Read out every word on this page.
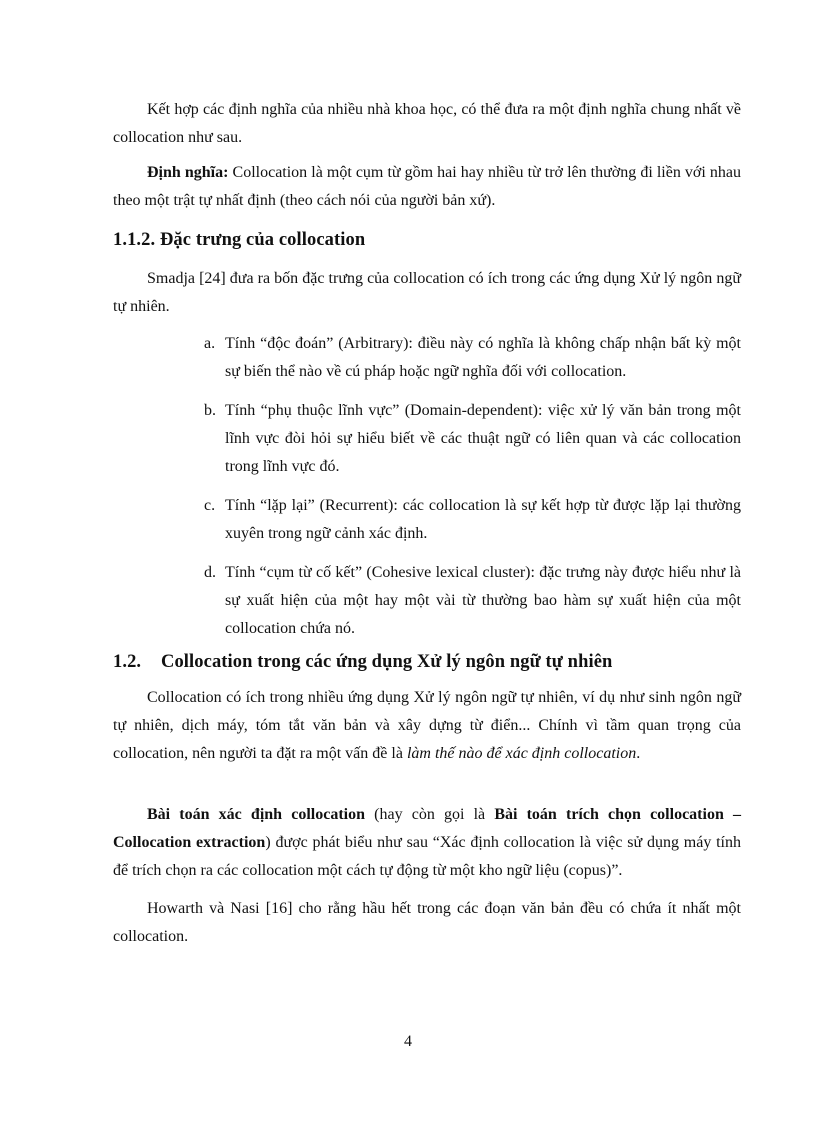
Kết hợp các định nghĩa của nhiều nhà khoa học, có thể đưa ra một định nghĩa chung nhất về collocation như sau.

Định nghĩa: Collocation là một cụm từ gồm hai hay nhiều từ trở lên thường đi liền với nhau theo một trật tự nhất định (theo cách nói của người bản xứ).

1.1.2. Đặc trưng của collocation

Smadja [24] đưa ra bốn đặc trưng của collocation có ích trong các ứng dụng Xử lý ngôn ngữ tự nhiên.

a. Tính “độc đoán” (Arbitrary): điều này có nghĩa là không chấp nhận bất kỳ một sự biến thể nào về cú pháp hoặc ngữ nghĩa đối với collocation.
b. Tính “phụ thuộc lĩnh vực” (Domain-dependent): việc xử lý văn bản trong một lĩnh vực đòi hỏi sự hiểu biết về các thuật ngữ có liên quan và các collocation trong lĩnh vực đó.
c. Tính “lặp lại” (Recurrent): các collocation là sự kết hợp từ được lặp lại thường xuyên trong ngữ cảnh xác định.
d. Tính “cụm từ cố kết” (Cohesive lexical cluster): đặc trưng này được hiểu như là sự xuất hiện của một hay một vài từ thường bao hàm sự xuất hiện của một collocation chứa nó.
1.2. Collocation trong các ứng dụng Xử lý ngôn ngữ tự nhiên

Collocation có ích trong nhiều ứng dụng Xử lý ngôn ngữ tự nhiên, ví dụ như sinh ngôn ngữ tự nhiên, dịch máy, tóm tắt văn bản và xây dựng từ điển... Chính vì tầm quan trọng của collocation, nên người ta đặt ra một vấn đề là làm thế nào để xác định collocation.

Bài toán xác định collocation (hay còn gọi là Bài toán trích chọn collocation – Collocation extraction) được phát biểu như sau “Xác định collocation là việc sử dụng máy tính để trích chọn ra các collocation một cách tự động từ một kho ngữ liệu (copus)”.

Howarth và Nasi [16] cho rằng hầu hết trong các đoạn văn bản đều có chứa ít nhất một collocation.

4
